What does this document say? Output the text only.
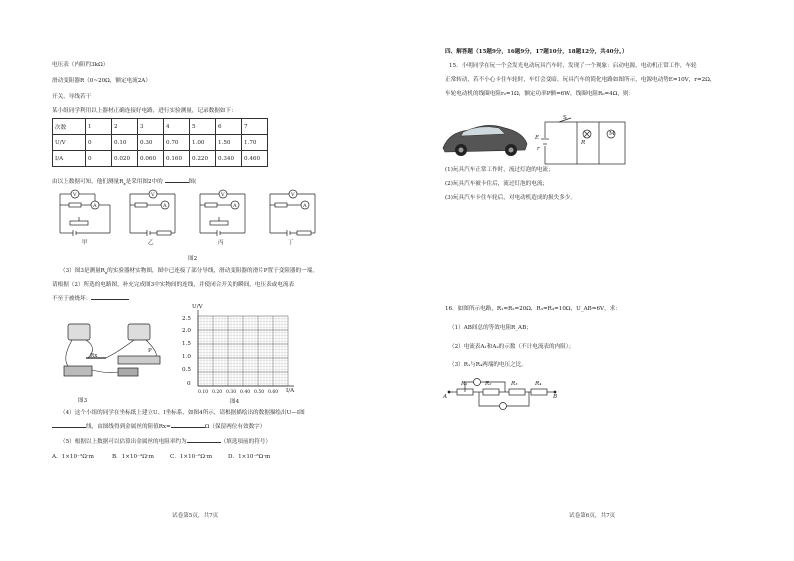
电压表（内阻约3kΩ）
滑动变阻器R（0~20Ω，额定电流2A）
开关、导线若干
某小组同学利用以上器材正确连接好电路，进行实验测量，记录数据如下：
次数	1	2	3	4	5	6	7
U/V	0	0.10	0.30	0.70	1.00	1.50	1.70
I/A	0	0.020	0.060	0.160	0.220	0.340	0.460
由以上数据可知，他们测量$R_x$是采用图2中的	图(
V
A
V
A
V
A
V
A
甲	乙	丙	丁
图2
（3）图3是测量$R_x$的实验器材实物图，图中已连接了部分导线，滑动变阻器的滑片P置于变阻器的一端，
请根据（2）所选的电路图，补充完成图3中实物间的连线，并使闭合开关的瞬间，电压表或电流表
不至于被烧坏：
Rx
P
图3
U/V
I/A
2.5
2.0
1.5
1.0
0.5
0
0.10 0.20 0.30 0.40 0.50 0.60
图4
（4）这个小组的同学在坐标纸上建立U、I坐标系，如图4所示，请根据描绘出的数据描绘出U—I图
线，由图线得到金属丝的阻值Rx=	Ω（保留两位有效数字）
（5）根据以上数据可以估算出金属丝的电阻率约为	（填选项前的符号）
A．1×10⁻²Ω·m	B．1×10⁻³Ω·m	C．1×10⁻⁶Ω·m	D．1×10⁻⁸Ω·m
试卷第5页，共7页
四、解答题（15题9分，16题9分，17题10分，18题12分，共40分。）
15．小明同学在玩一个会发光电动玩具汽车时，发现了一个现象：启动电源，电动机正常工作，车轮
正常转动，若不小心卡住车轮时，车灯会变暗。玩具汽车的简化电路如图所示，电源电动势E=10V，r=2Ω，
车轮电动机的线圈电阻r₀=1Ω，额定功率P额=6W，线圈电阻R₀=4Ω，则：
E
r
S
R
M
(1)玩具汽车正常工作时，流过灯泡的电流；
(2)玩具汽车被卡住后，流过灯泡的电流；
(3)玩具汽车卡住车轮后，对电动机造成的损失多少。
16．如图所示电路，R₁=R₂=20Ω，R₃=R₄=10Ω，U_AB=6V，求：
（1）AB间总的等效电阻R_AB；
（2）电流表A₁和A₂的示数（不计电流表的内阻）；
（3）R₁与R₄两端的电压之比。
R₁	R₂	R₃	R₄
A	B
试卷第6页，共7页
